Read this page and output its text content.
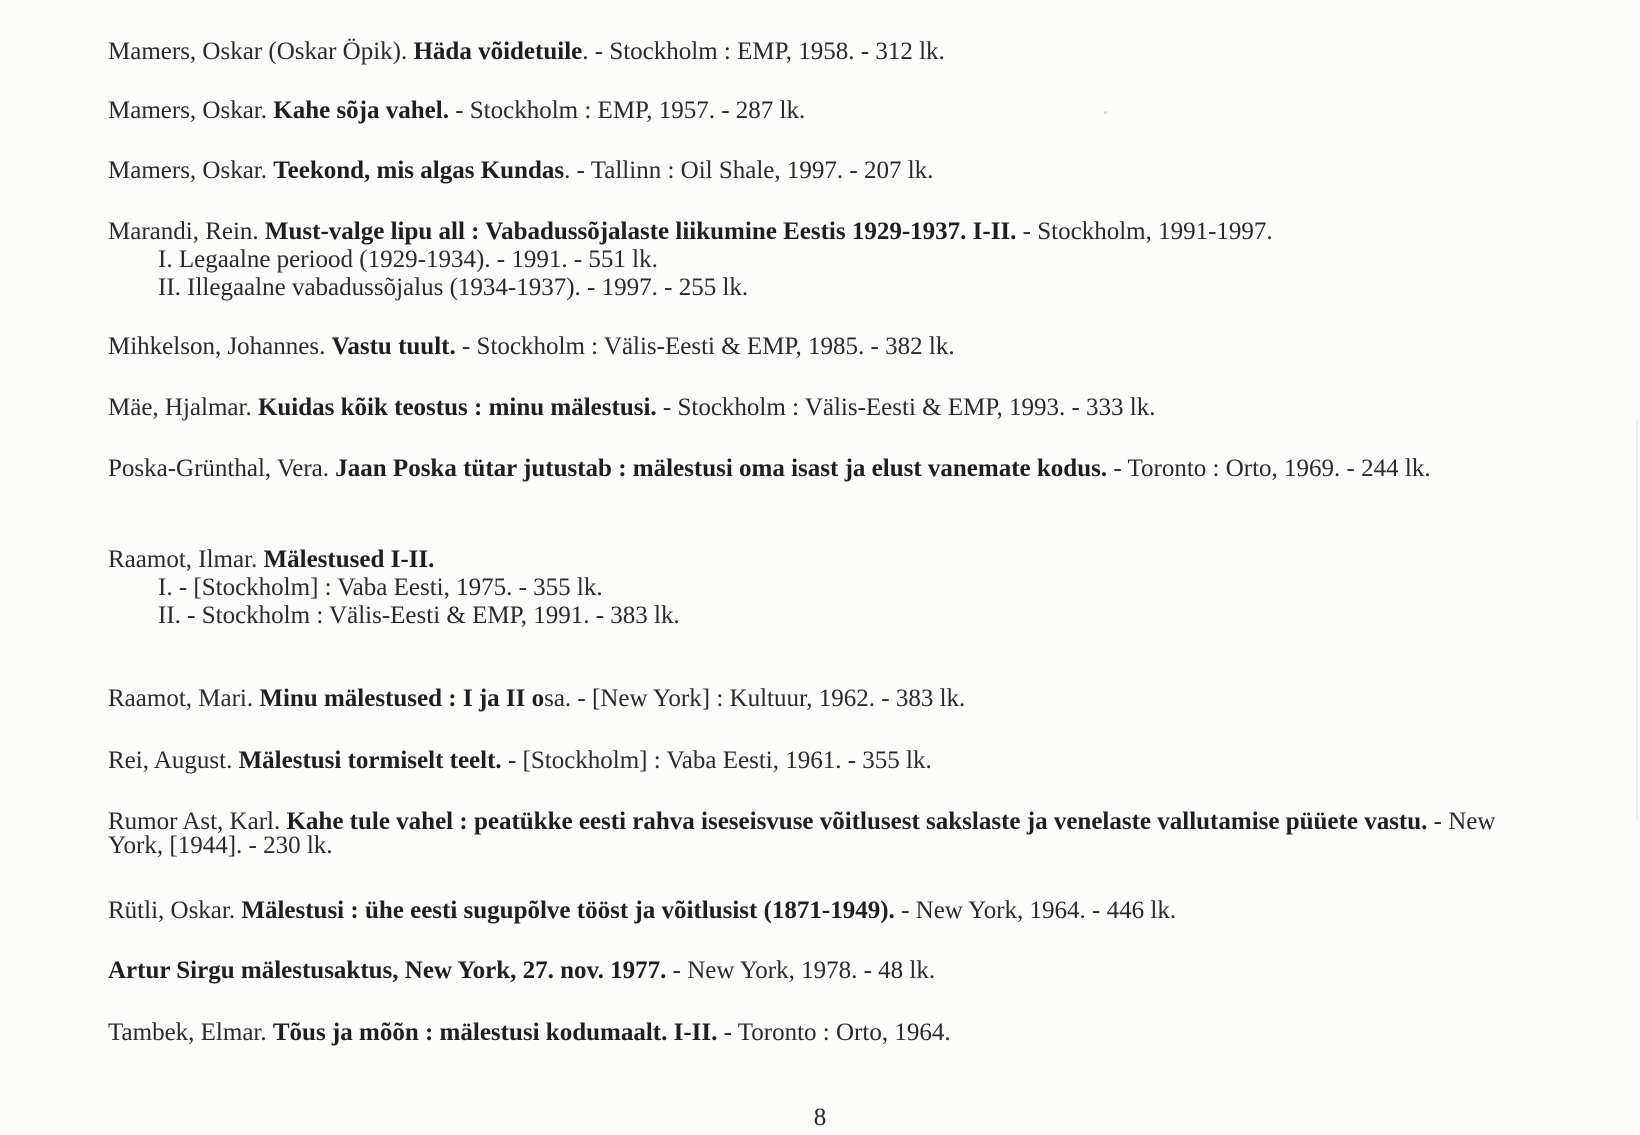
Mamers, Oskar (Oskar Öpik). Häda võidetuile. - Stockholm : EMP, 1958. - 312 lk.
Mamers, Oskar. Kahe sõja vahel. - Stockholm : EMP, 1957. - 287 lk.
Mamers, Oskar. Teekond, mis algas Kundas. - Tallinn : Oil Shale, 1997. - 207 lk.
Marandi, Rein. Must-valge lipu all : Vabadussõjalaste liikumine Eestis 1929-1937. I-II. - Stockholm, 1991-1997.
I. Legaalne periood (1929-1934). - 1991. - 551 lk.
II. Illegaalne vabadussõjalus (1934-1937). - 1997. - 255 lk.
Mihkelson, Johannes. Vastu tuult. - Stockholm : Välis-Eesti & EMP, 1985. - 382 lk.
Mäe, Hjalmar. Kuidas kõik teostus : minu mälestusi. - Stockholm : Välis-Eesti & EMP, 1993. - 333 lk.
Poska-Grünthal, Vera. Jaan Poska tütar jutustab : mälestusi oma isast ja elust vanemate kodus. - Toronto : Orto, 1969. - 244 lk.
Raamot, Ilmar. Mälestused I-II.
I. - [Stockholm] : Vaba Eesti, 1975. - 355 lk.
II. - Stockholm : Välis-Eesti & EMP, 1991. - 383 lk.
Raamot, Mari. Minu mälestused : I ja II osa. - [New York] : Kultuur, 1962. - 383 lk.
Rei, August. Mälestusi tormiselt teelt. - [Stockholm] : Vaba Eesti, 1961. - 355 lk.
Rumor Ast, Karl. Kahe tule vahel : peatükke eesti rahva iseseisvuse võitlusest sakslaste ja venelaste vallutamise püüete vastu. - New York, [1944]. - 230 lk.
Rütli, Oskar. Mälestusi : ühe eesti sugupõlve tööst ja võitlusist (1871-1949). - New York, 1964. - 446 lk.
Artur Sirgu mälestusaktus, New York, 27. nov. 1977. - New York, 1978. - 48 lk.
Tambek, Elmar. Tõus ja mõõn : mälestusi kodumaalt. I-II. - Toronto : Orto, 1964.
8
